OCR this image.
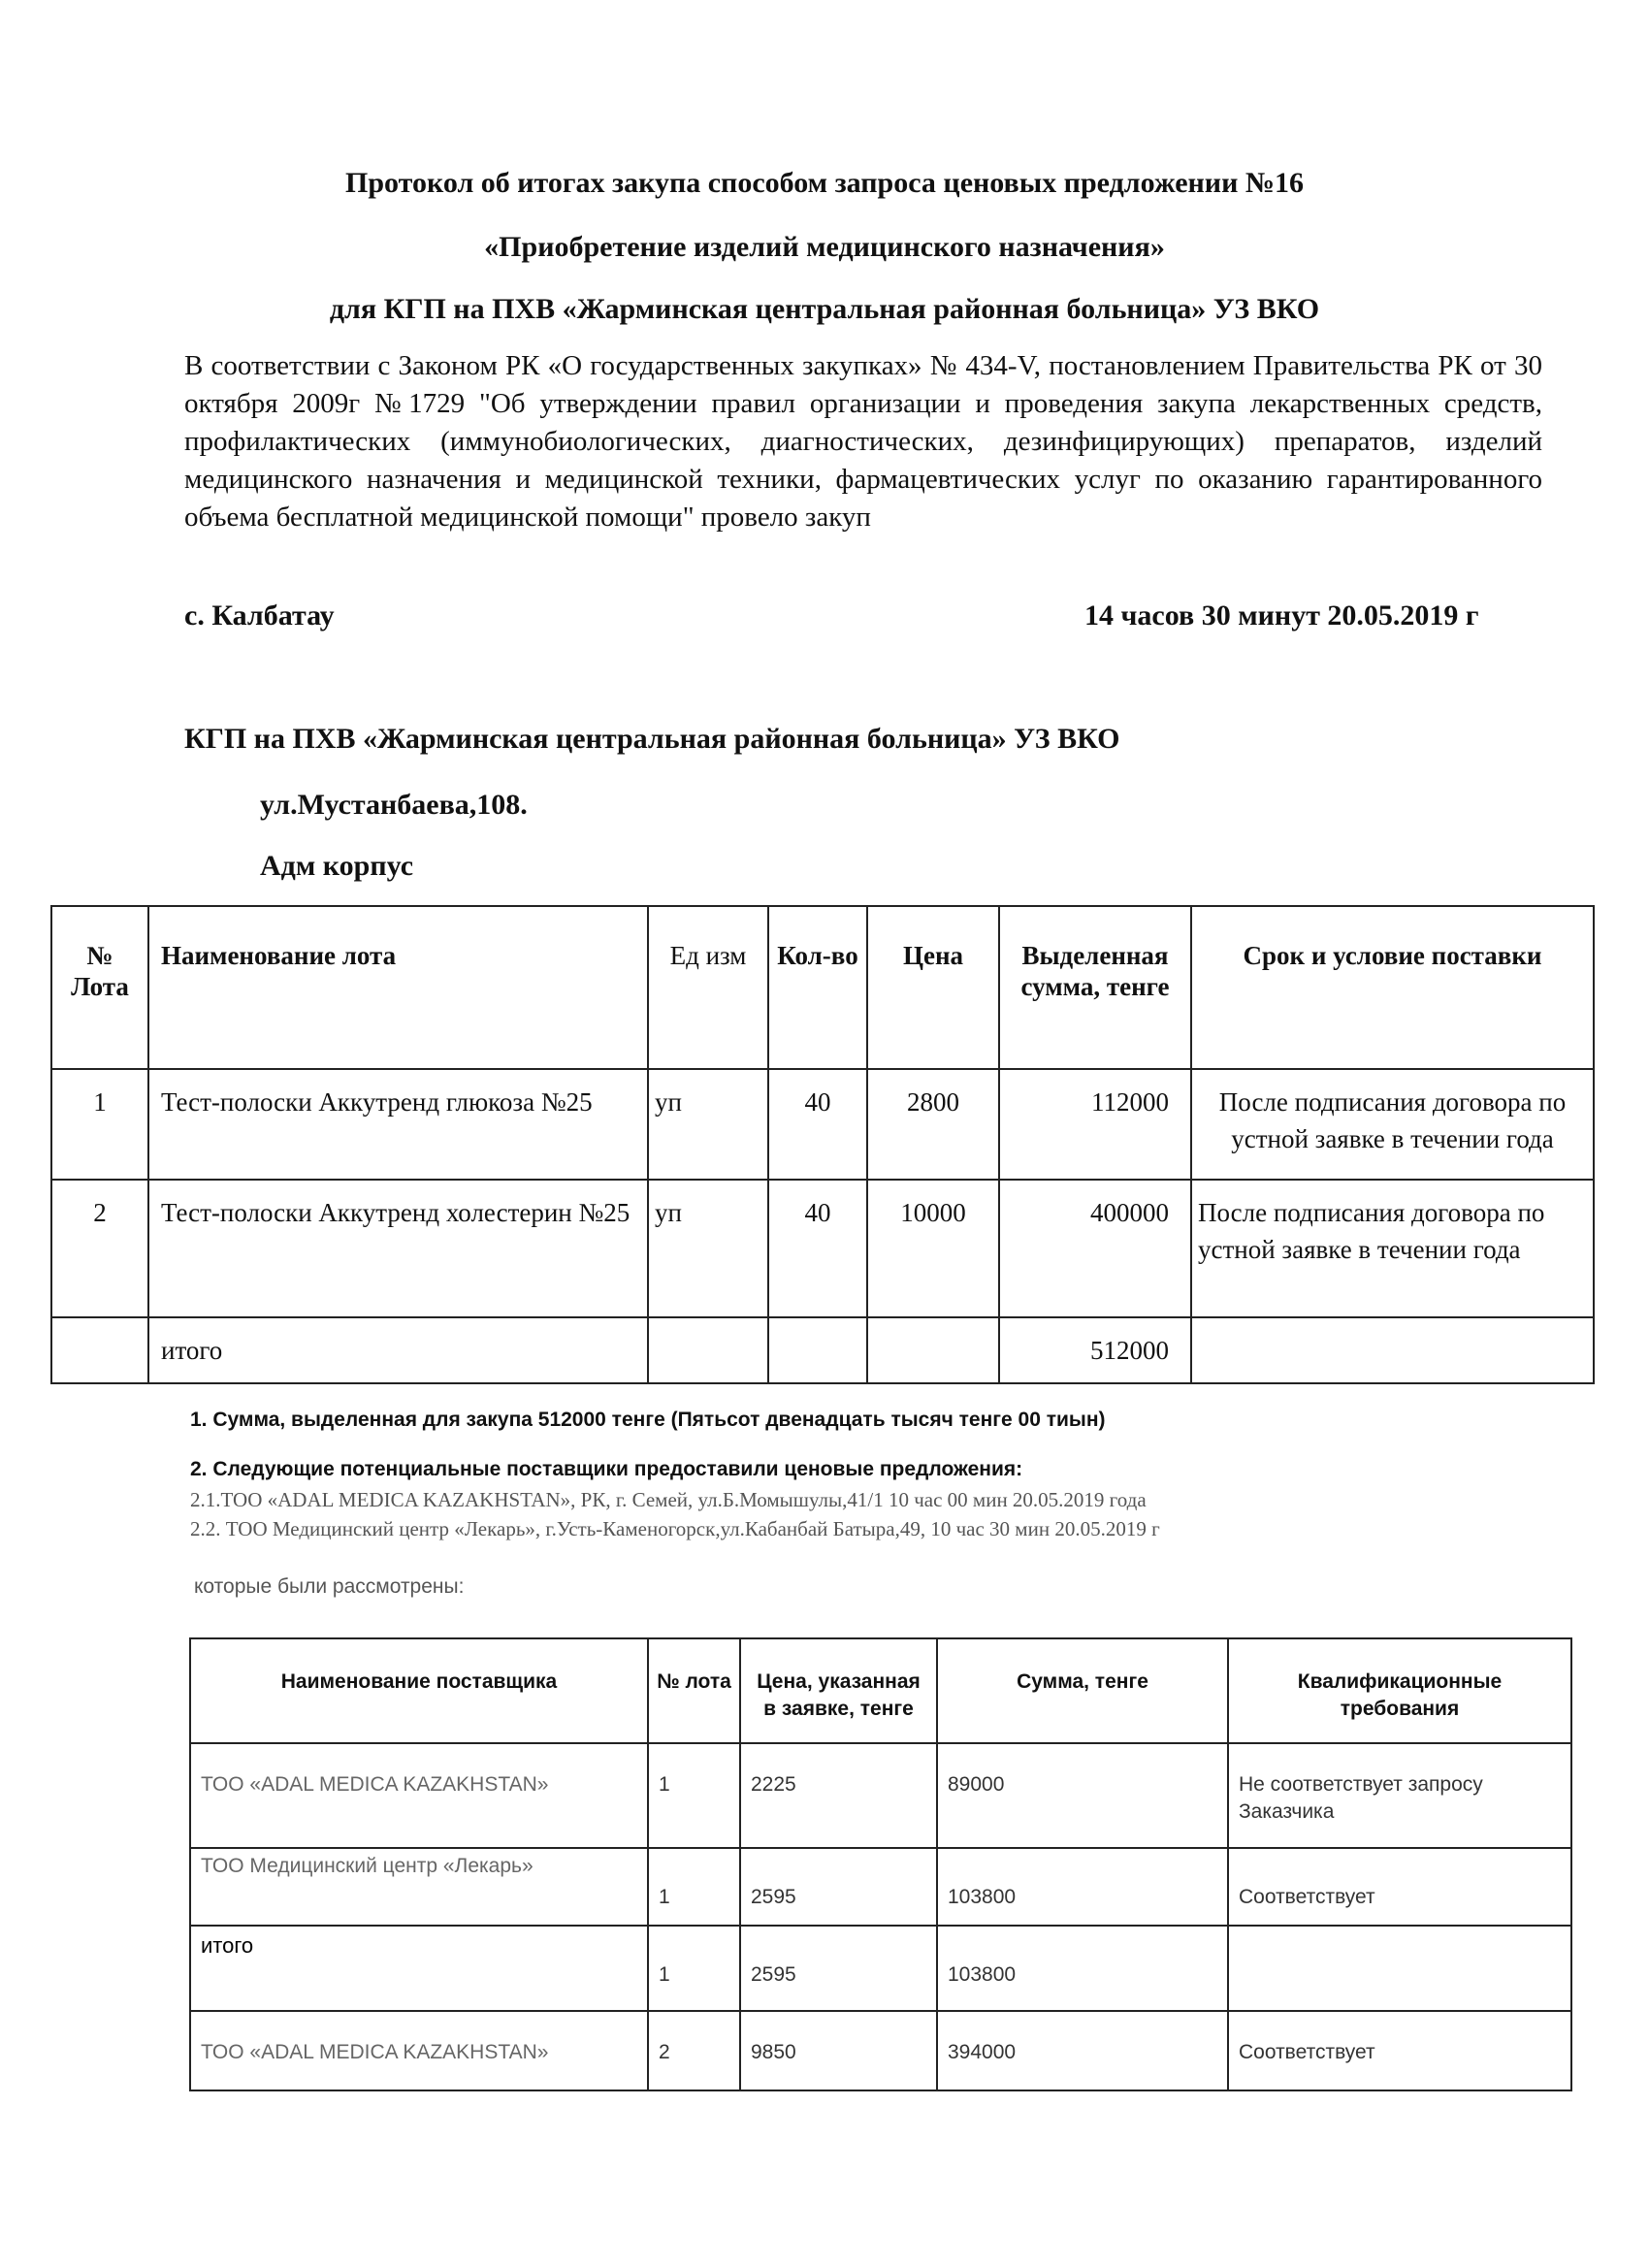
Протокол об итогах закупа способом запроса ценовых предложении №16
«Приобретение изделий медицинского назначения»
для КГП на ПХВ «Жарминская центральная районная больница» УЗ ВКО
В соответствии с Законом РК «О государственных закупках» № 434-V, постановлением Правительства РК от 30 октября 2009г №1729 "Об утверждении правил организации и проведения закупа лекарственных средств, профилактических (иммунобиологических, диагностических, дезинфицирующих) препаратов, изделий медицинского назначения и медицинской техники, фармацевтических услуг по оказанию гарантированного объема бесплатной медицинской помощи" провело закуп
с. Калбатау	14 часов 30 минут 20.05.2019 г
КГП на ПХВ «Жарминская центральная районная больница» УЗ ВКО
ул.Мустанбаева,108.
Адм корпус
№ Лота	Наименование лота	Ед изм	Кол-во	Цена	Выделенная сумма, тенге	Срок и условие поставки
1	Тест-полоски Аккутренд глюкоза №25	уп	40	2800	112000	После подписания договора по устной заявке в течении года
2	Тест-полоски Аккутренд холестерин №25	уп	40	10000	400000	После подписания договора по устной заявке в течении года
	итого				512000	
1. Сумма, выделенная для закупа 512000 тенге (Пятьсот двенадцать тысяч тенге 00 тиын)
2. Следующие потенциальные поставщики предоставили ценовые предложения:
2.1.ТОО «ADAL MEDICA KAZAKHSTAN», РК, г. Семей, ул.Б.Момышулы,41/1 10 час 00 мин 20.05.2019 года
2.2. ТОО Медицинский центр «Лекарь», г.Усть-Каменогорск,ул.Кабанбай Батыра,49, 10 час 30 мин 20.05.2019 г
которые были рассмотрены:
Наименование поставщика	№ лота	Цена, указанная в заявке, тенге	Сумма, тенге	Квалификационные требования
ТОО «ADAL MEDICA KAZAKHSTAN»	1	2225	89000	Не соответствует запросу Заказчика
ТОО Медицинский центр «Лекарь»	1	2595	103800	Соответствует
итого	1	2595	103800	
ТОО «ADAL MEDICA KAZAKHSTAN»	2	9850	394000	Соответствует
